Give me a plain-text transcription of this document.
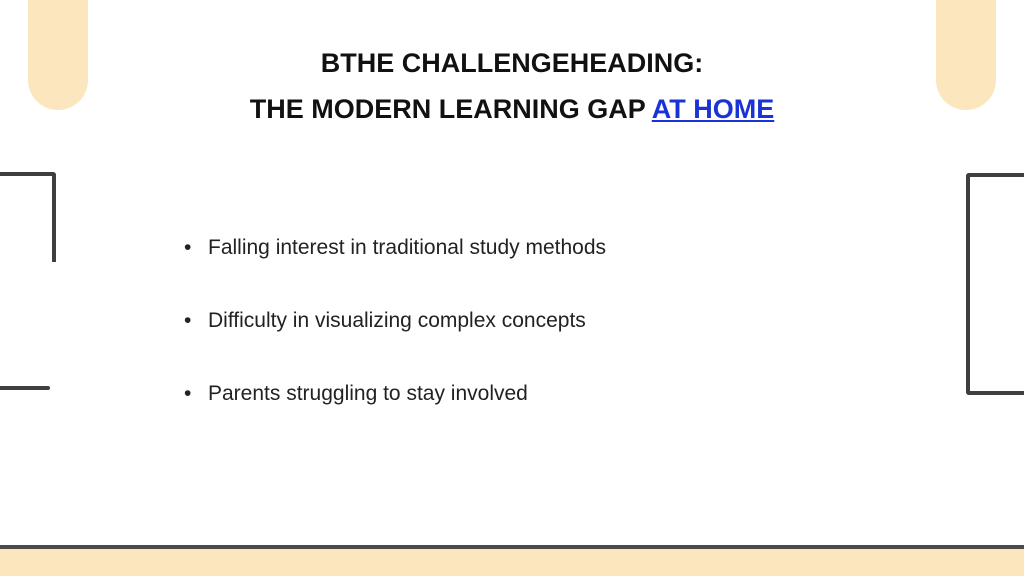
BTHE CHALLENGEHEADING:
THE MODERN LEARNING GAP AT HOME
• Falling interest in traditional study methods
• Difficulty in visualizing complex concepts
• Parents struggling to stay involved
